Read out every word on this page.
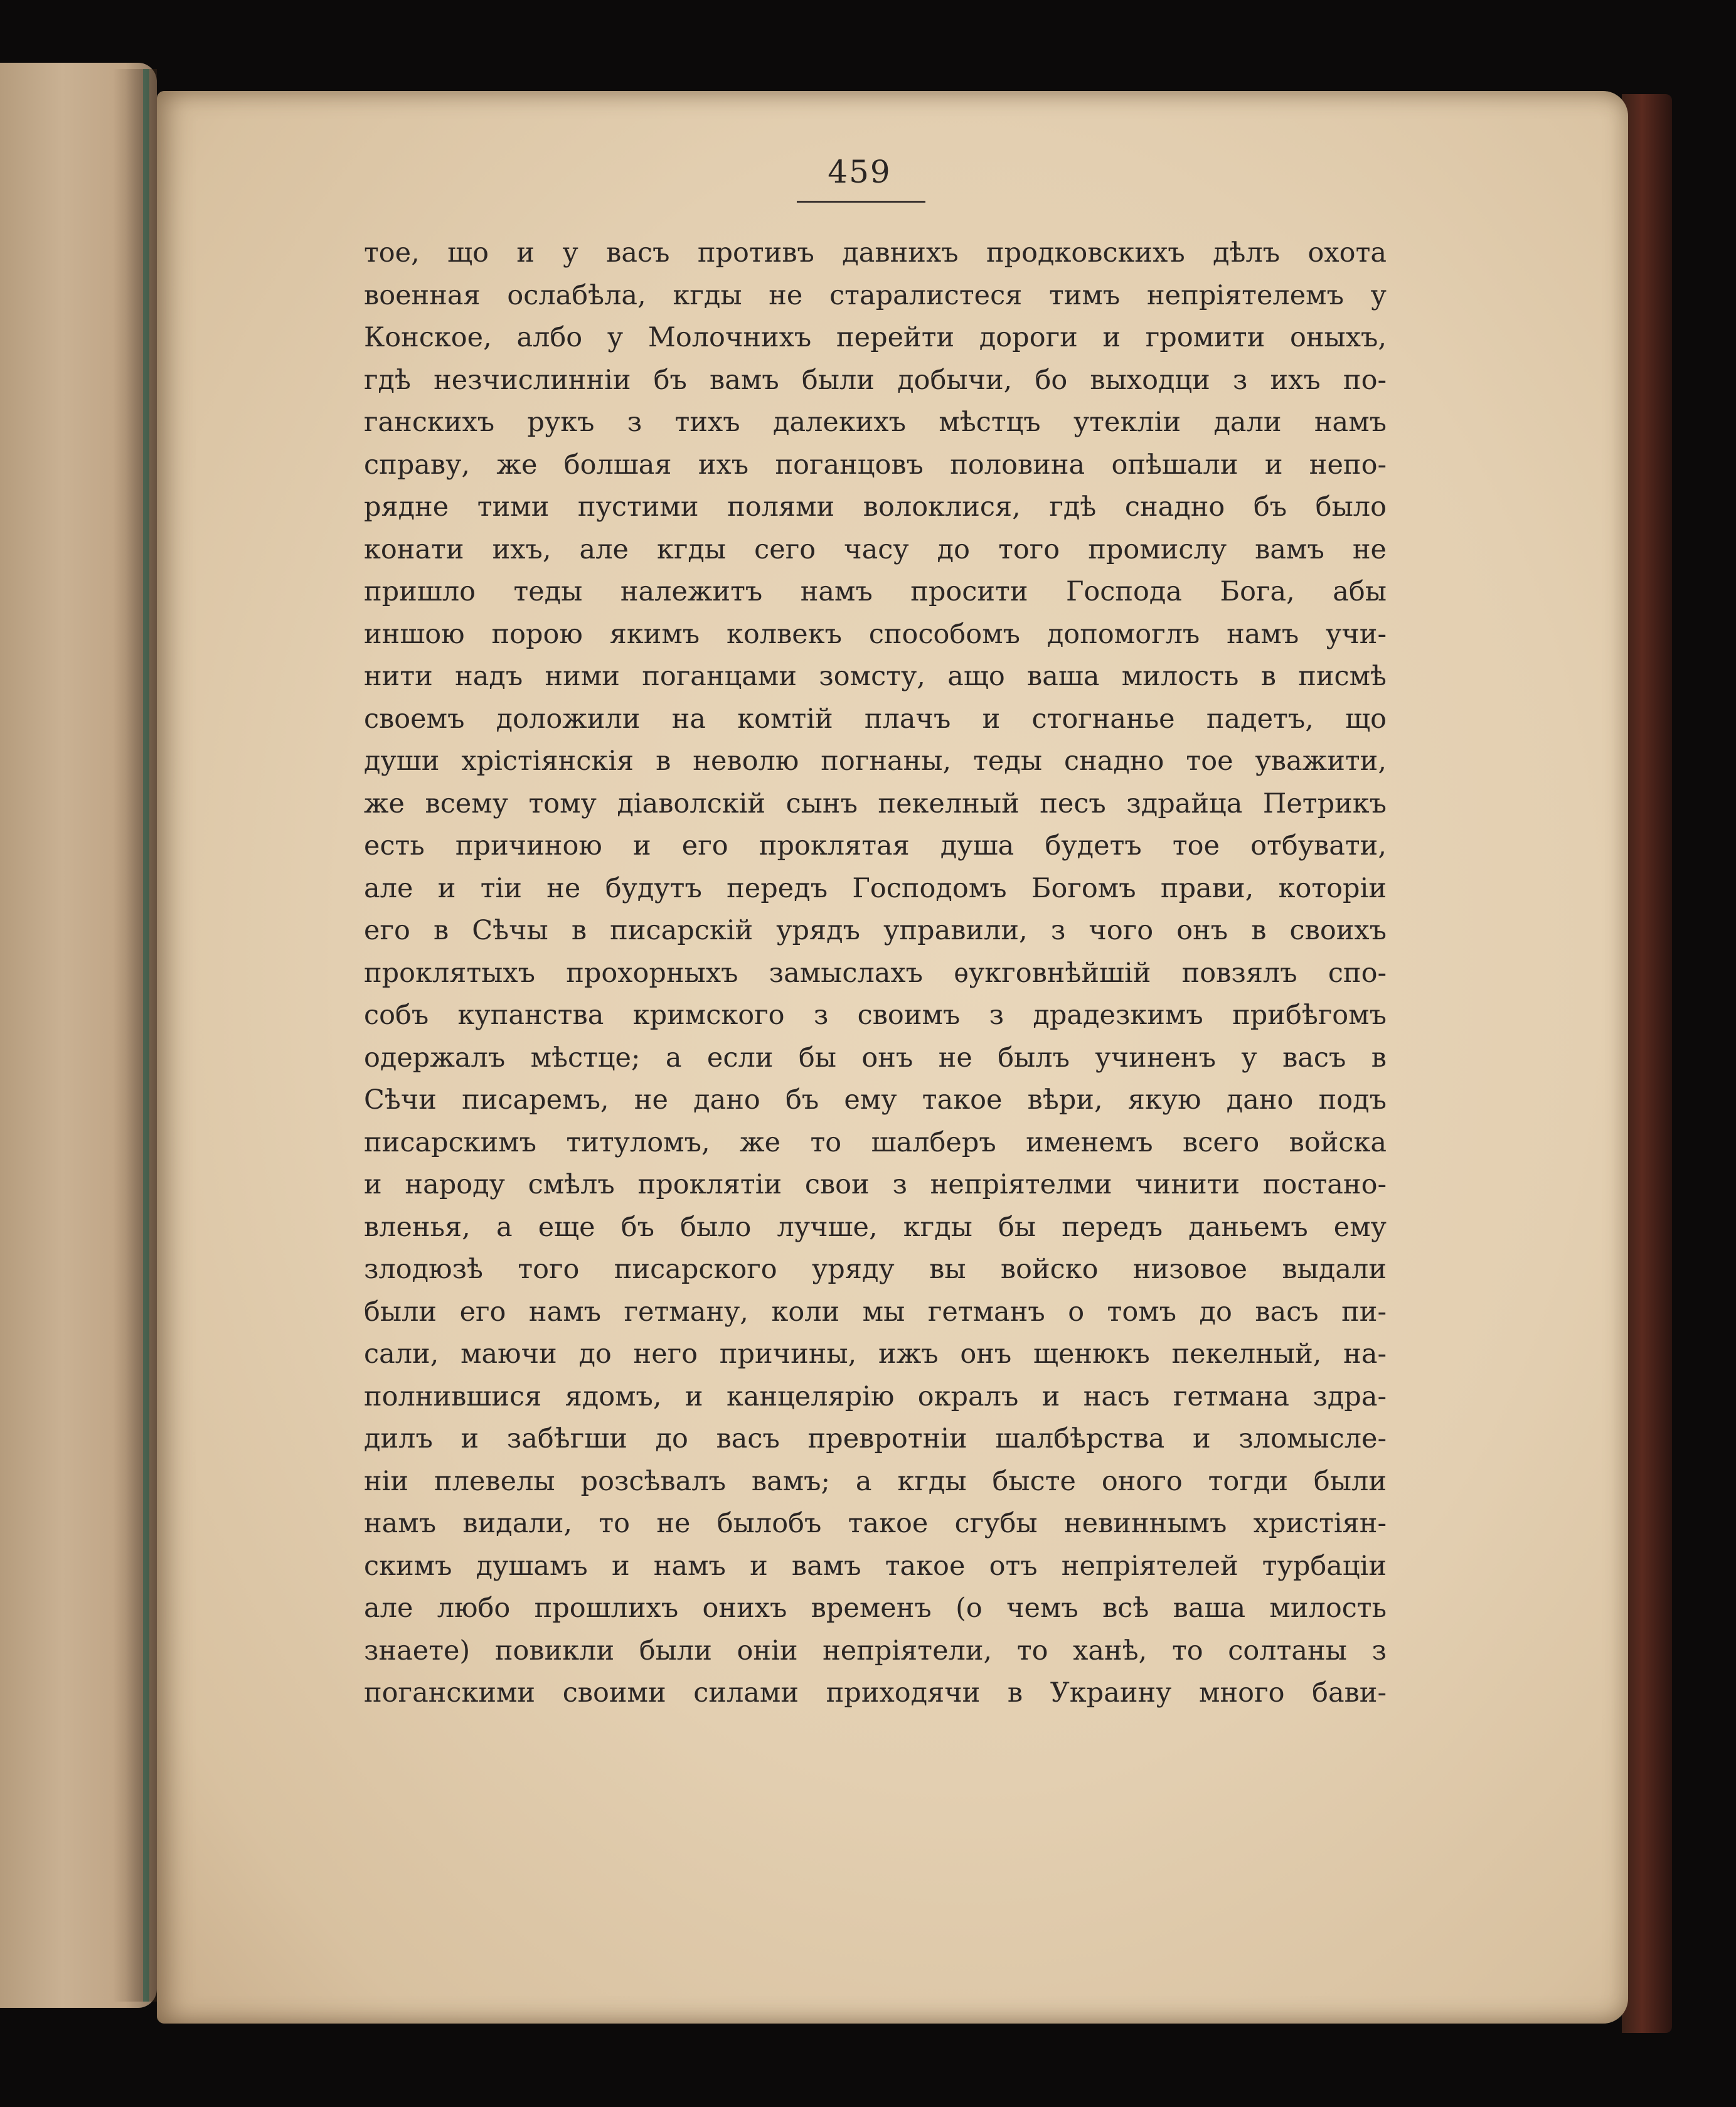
459
тое, що и у васъ противъ давнихъ продковскихъ дѣлъ охота
военная ослабѣла, кгды не старалистеся тимъ непріятелемъ у
Конское, албо у Молочнихъ перейти дороги и громити оныхъ,
гдѣ незчислинніи бъ вамъ были добычи, бо выходци з ихъ по-
ганскихъ рукъ з тихъ далекихъ мѣстцъ утекліи дали намъ
справу, же болшая ихъ поганцовъ половина опѣшали и непо-
рядне тими пустими полями волоклися, гдѣ снадно бъ было
конати ихъ, але кгды сего часу до того промислу вамъ не
пришло теды належитъ намъ просити Господа Бога, абы
иншою порою якимъ колвекъ способомъ допомоглъ намъ учи-
нити надъ ними поганцами зомсту, ащо ваша милость в писмѣ
своемъ доложили на комтій плачъ и стогнанье падетъ, що
души хрістіянскія в неволю погнаны, теды снадно тое уважити,
же всему тому діаволскій сынъ пекелный песъ здрайца Петрикъ
есть причиною и его проклятая душа будетъ тое отбувати,
але и тіи не будутъ передъ Господомъ Богомъ прави, которіи
его в Сѣчы в писарскій урядъ управили, з чого онъ в своихъ
проклятыхъ прохорныхъ замыслахъ ѳукговнѣйшій повзялъ спо-
собъ купанства кримского з своимъ з драдезкимъ прибѣгомъ
одержалъ мѣстце; а если бы онъ не былъ учиненъ у васъ в
Сѣчи писаремъ, не дано бъ ему такое вѣри, якую дано подъ
писарскимъ титуломъ, же то шалберъ именемъ всего войска
и народу смѣлъ проклятіи свои з непріятелми чинити постано-
вленья, а еще бъ было лучше, кгды бы передъ даньемъ ему
злодюзѣ того писарского уряду вы войско низовое выдали
были его намъ гетману, коли мы гетманъ о томъ до васъ пи-
сали, маючи до него причины, ижъ онъ щенюкъ пекелный, на-
полнившися ядомъ, и канцелярію окралъ и насъ гетмана здра-
дилъ и забѣгши до васъ превротніи шалбѣрства и зломысле-
ніи плевелы розсѣвалъ вамъ; а кгды бысте оного тогди были
намъ видали, то не былобъ такое сгубы невиннымъ христіян-
скимъ душамъ и намъ и вамъ такое отъ непріятелей турбаціи
але любо прошлихъ онихъ временъ (о чемъ всѣ ваша милость
знаете) повикли были оніи непріятели, то ханѣ, то солтаны з
поганскими своими силами приходячи в Украину много бави-
